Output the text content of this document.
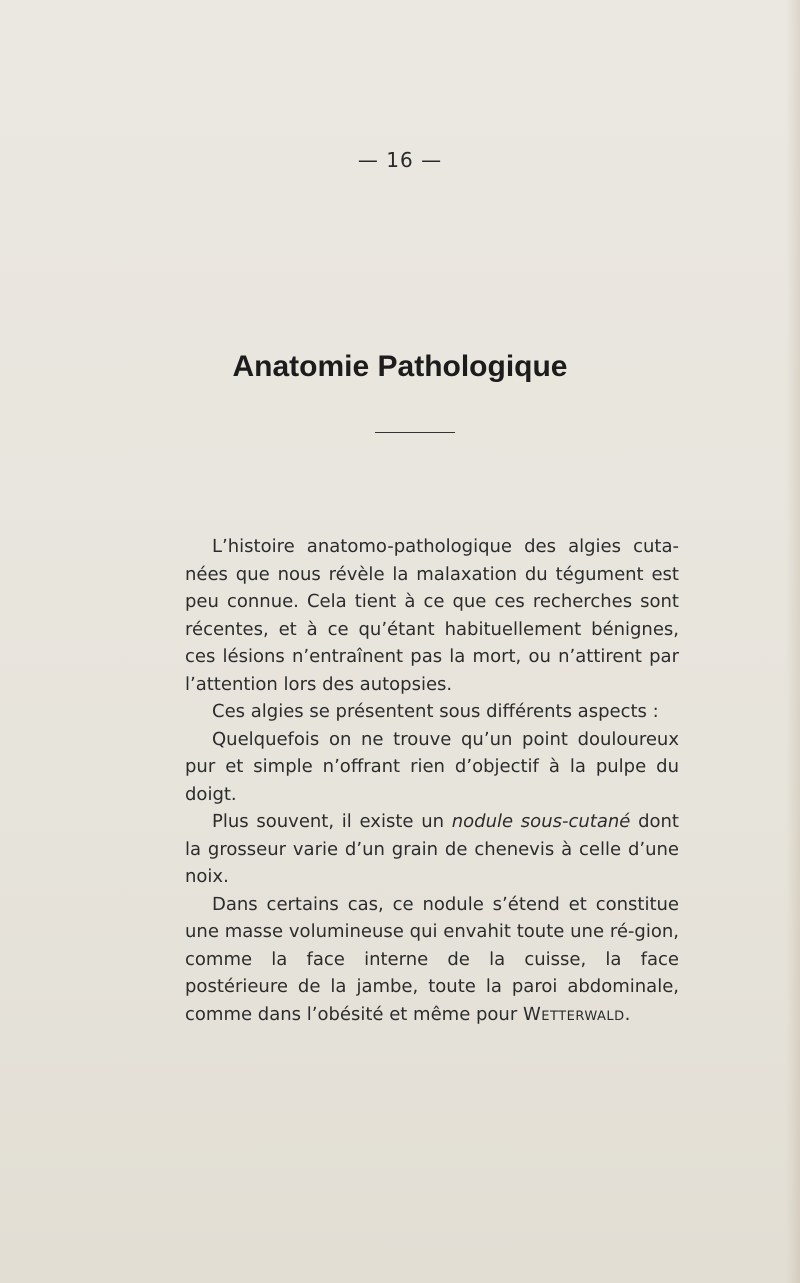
— 16 —
Anatomie Pathologique

L’histoire anatomo-pathologique des algies cuta-nées que nous révèle la malaxation du tégument est peu connue. Cela tient à ce que ces recherches sont récentes, et à ce qu’étant habituellement bénignes, ces lésions n’entraînent pas la mort, ou n’attirent par l’attention lors des autopsies.

Ces algies se présentent sous différents aspects :

Quelquefois on ne trouve qu’un point douloureux pur et simple n’offrant rien d’objectif à la pulpe du doigt.

Plus souvent, il existe un nodule sous-cutané dont la grosseur varie d’un grain de chenevis à celle d’une noix.

Dans certains cas, ce nodule s’étend et constitue une masse volumineuse qui envahit toute une ré-gion, comme la face interne de la cuisse, la face postérieure de la jambe, toute la paroi abdominale, comme dans l’obésité et même pour Wetterwald.
